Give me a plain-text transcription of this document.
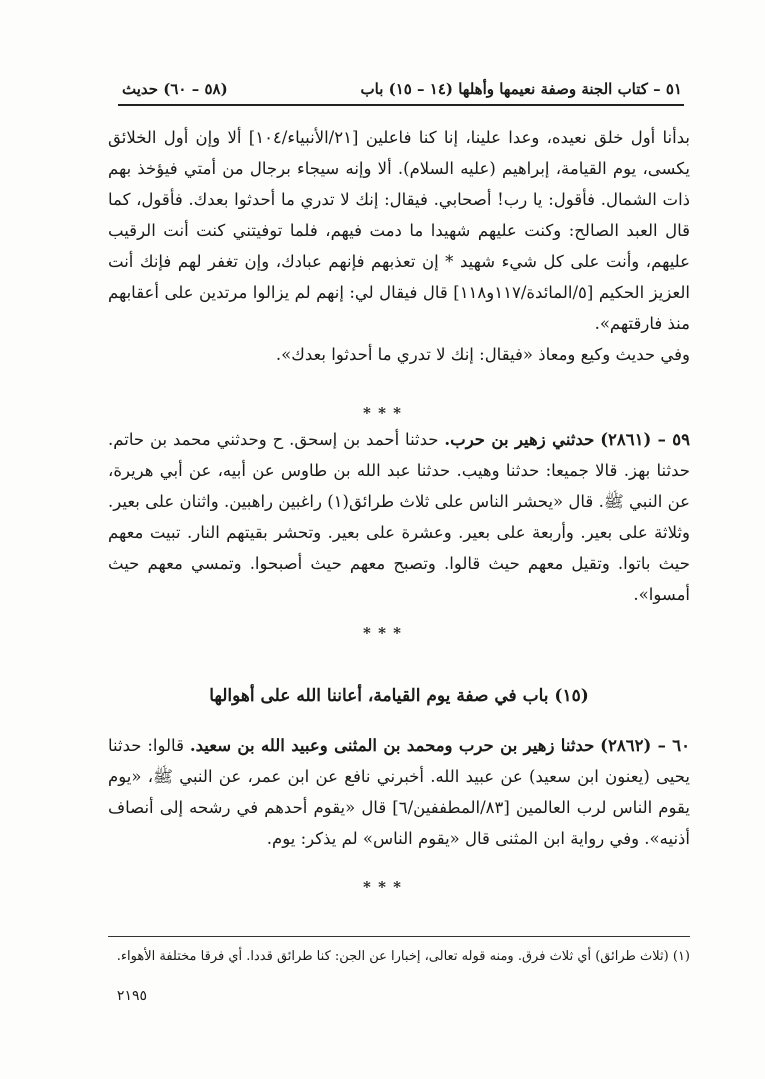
٥١ – كتاب الجنة وصفة نعيمها وأهلها (١٤ – ١٥) باب
(٥٨ – ٦٠) حديث

بدأنا أول خلق نعيده، وعدا علينا، إنا كنا فاعلين [٢١/الأنبياء/١٠٤] ألا وإن أول الخلائق يكسى، يوم القيامة، إبراهيم (عليه السلام). ألا وإنه سيجاء برجال من أمتي فيؤخذ بهم ذات الشمال. فأقول: يا رب! أصحابي. فيقال: إنك لا تدري ما أحدثوا بعدك. فأقول، كما قال العبد الصالح: وكنت عليهم شهيدا ما دمت فيهم، فلما توفيتني كنت أنت الرقيب عليهم، وأنت على كل شيء شهيد * إن تعذبهم فإنهم عبادك، وإن تغفر لهم فإنك أنت العزيز الحكيم [٥/المائدة/١١٧و١١٨] قال فيقال لي: إنهم لم يزالوا مرتدين على أعقابهم منذ فارقتهم».

وفي حديث وكيع ومعاذ «فيقال: إنك لا تدري ما أحدثوا بعدك».

* * *

٥٩ – (٢٨٦١) حدثني زهير بن حرب. حدثنا أحمد بن إسحق. ح وحدثني محمد بن حاتم. حدثنا بهز. قالا جميعا: حدثنا وهيب. حدثنا عبد الله بن طاوس عن أبيه، عن أبي هريرة، عن النبي ﷺ. قال «يحشر الناس على ثلاث طرائق(١) راغبين راهبين. واثنان على بعير. وثلاثة على بعير. وأربعة على بعير. وعشرة على بعير. وتحشر بقيتهم النار. تبيت معهم حيث باتوا. وتقيل معهم حيث قالوا. وتصبح معهم حيث أصبحوا. وتمسي معهم حيث أمسوا».

* * *
(١٥) باب في صفة يوم القيامة، أعاننا الله على أهوالها

٦٠ – (٢٨٦٢) حدثنا زهير بن حرب ومحمد بن المثنى وعبيد الله بن سعيد. قالوا: حدثنا يحيى (يعنون ابن سعيد) عن عبيد الله. أخبرني نافع عن ابن عمر، عن النبي ﷺ، «يوم يقوم الناس لرب العالمين [٨٣/المطففين/٦] قال «يقوم أحدهم في رشحه إلى أنصاف أذنيه». وفي رواية ابن المثنى قال «يقوم الناس» لم يذكر: يوم.

* * *
(١) (ثلاث طرائق) أي ثلاث فرق. ومنه قوله تعالى، إخبارا عن الجن: كنا طرائق قددا. أي فرقا مختلفة الأهواء.
٢١٩٥
